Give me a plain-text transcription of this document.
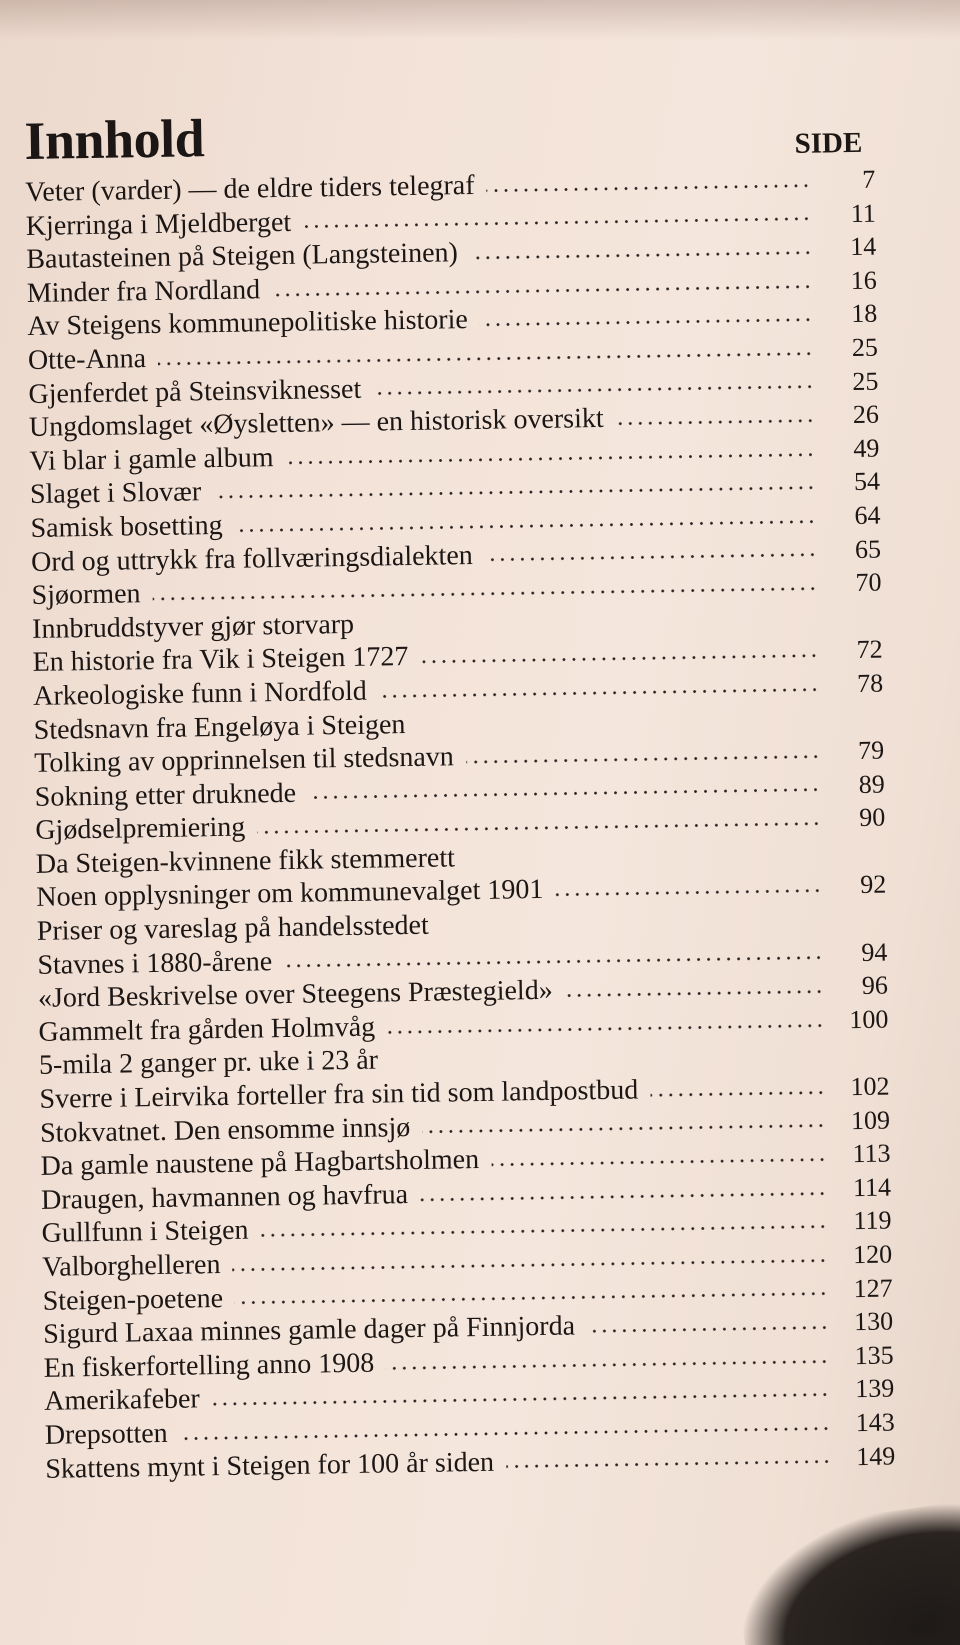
Innhold	SIDE
Veter (varder) — de eldre tiders telegraf	7
Kjerringa i Mjeldberget	11
Bautasteinen på Steigen (Langsteinen)	14
Minder fra Nordland	16
Av Steigens kommunepolitiske historie	18
Otte-Anna	25
Gjenferdet på Steinsviknesset	25
Ungdomslaget «Øysletten» — en historisk oversikt	26
Vi blar i gamle album	49
Slaget i Slovær	54
Samisk bosetting	64
Ord og uttrykk fra follværingsdialekten	65
Sjøormen	70
Innbruddstyver gjør storvarp
En historie fra Vik i Steigen 1727	72
Arkeologiske funn i Nordfold	78
Stedsnavn fra Engeløya i Steigen
Tolking av opprinnelsen til stedsnavn	79
Sokning etter druknede	89
Gjødselpremiering	90
Da Steigen-kvinnene fikk stemmerett
Noen opplysninger om kommunevalget 1901	92
Priser og vareslag på handelsstedet
Stavnes i 1880-årene	94
«Jord Beskrivelse over Steegens Præstegield»	96
Gammelt fra gården Holmvåg	100
5-mila 2 ganger pr. uke i 23 år
Sverre i Leirvika forteller fra sin tid som landpostbud	102
Stokvatnet. Den ensomme innsjø	109
Da gamle naustene på Hagbartsholmen	113
Draugen, havmannen og havfrua	114
Gullfunn i Steigen	119
Valborghelleren	120
Steigen-poetene	127
Sigurd Laxaa minnes gamle dager på Finnjorda	130
En fiskerfortelling anno 1908	135
Amerikafeber	139
Drepsotten	143
Skattens mynt i Steigen for 100 år siden	149
